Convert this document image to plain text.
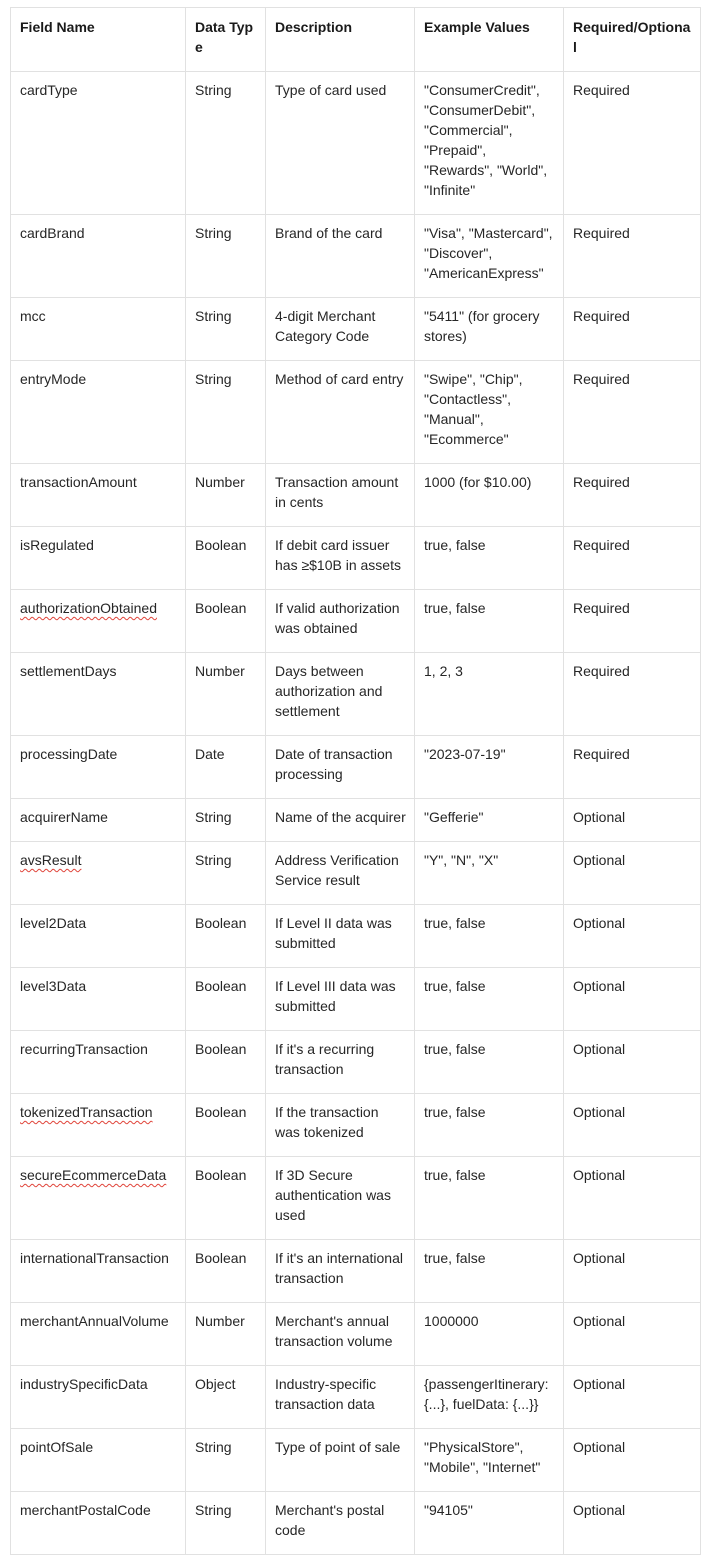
Field Name	Data Type	Description	Example Values	Required/Optional
cardType	String	Type of card used	"ConsumerCredit", "ConsumerDebit", "Commercial", "Prepaid", "Rewards", "World", "Infinite"	Required
cardBrand	String	Brand of the card	"Visa", "Mastercard", "Discover", "AmericanExpress"	Required
mcc	String	4-digit Merchant Category Code	"5411" (for grocery stores)	Required
entryMode	String	Method of card entry	"Swipe", "Chip", "Contactless", "Manual", "Ecommerce"	Required
transactionAmount	Number	Transaction amount in cents	1000 (for $10.00)	Required
isRegulated	Boolean	If debit card issuer has ≥$10B in assets	true, false	Required
authorizationObtained	Boolean	If valid authorization was obtained	true, false	Required
settlementDays	Number	Days between authorization and settlement	1, 2, 3	Required
processingDate	Date	Date of transaction processing	"2023-07-19"	Required
acquirerName	String	Name of the acquirer	"Gefferie"	Optional
avsResult	String	Address Verification Service result	"Y", "N", "X"	Optional
level2Data	Boolean	If Level II data was submitted	true, false	Optional
level3Data	Boolean	If Level III data was submitted	true, false	Optional
recurringTransaction	Boolean	If it's a recurring transaction	true, false	Optional
tokenizedTransaction	Boolean	If the transaction was tokenized	true, false	Optional
secureEcommerceData	Boolean	If 3D Secure authentication was used	true, false	Optional
internationalTransaction	Boolean	If it's an international transaction	true, false	Optional
merchantAnnualVolume	Number	Merchant's annual transaction volume	1000000	Optional
industrySpecificData	Object	Industry-specific transaction data	{passengerItinerary: {...}, fuelData: {...}}	Optional
pointOfSale	String	Type of point of sale	"PhysicalStore", "Mobile", "Internet"	Optional
merchantPostalCode	String	Merchant's postal code	"94105"	Optional
